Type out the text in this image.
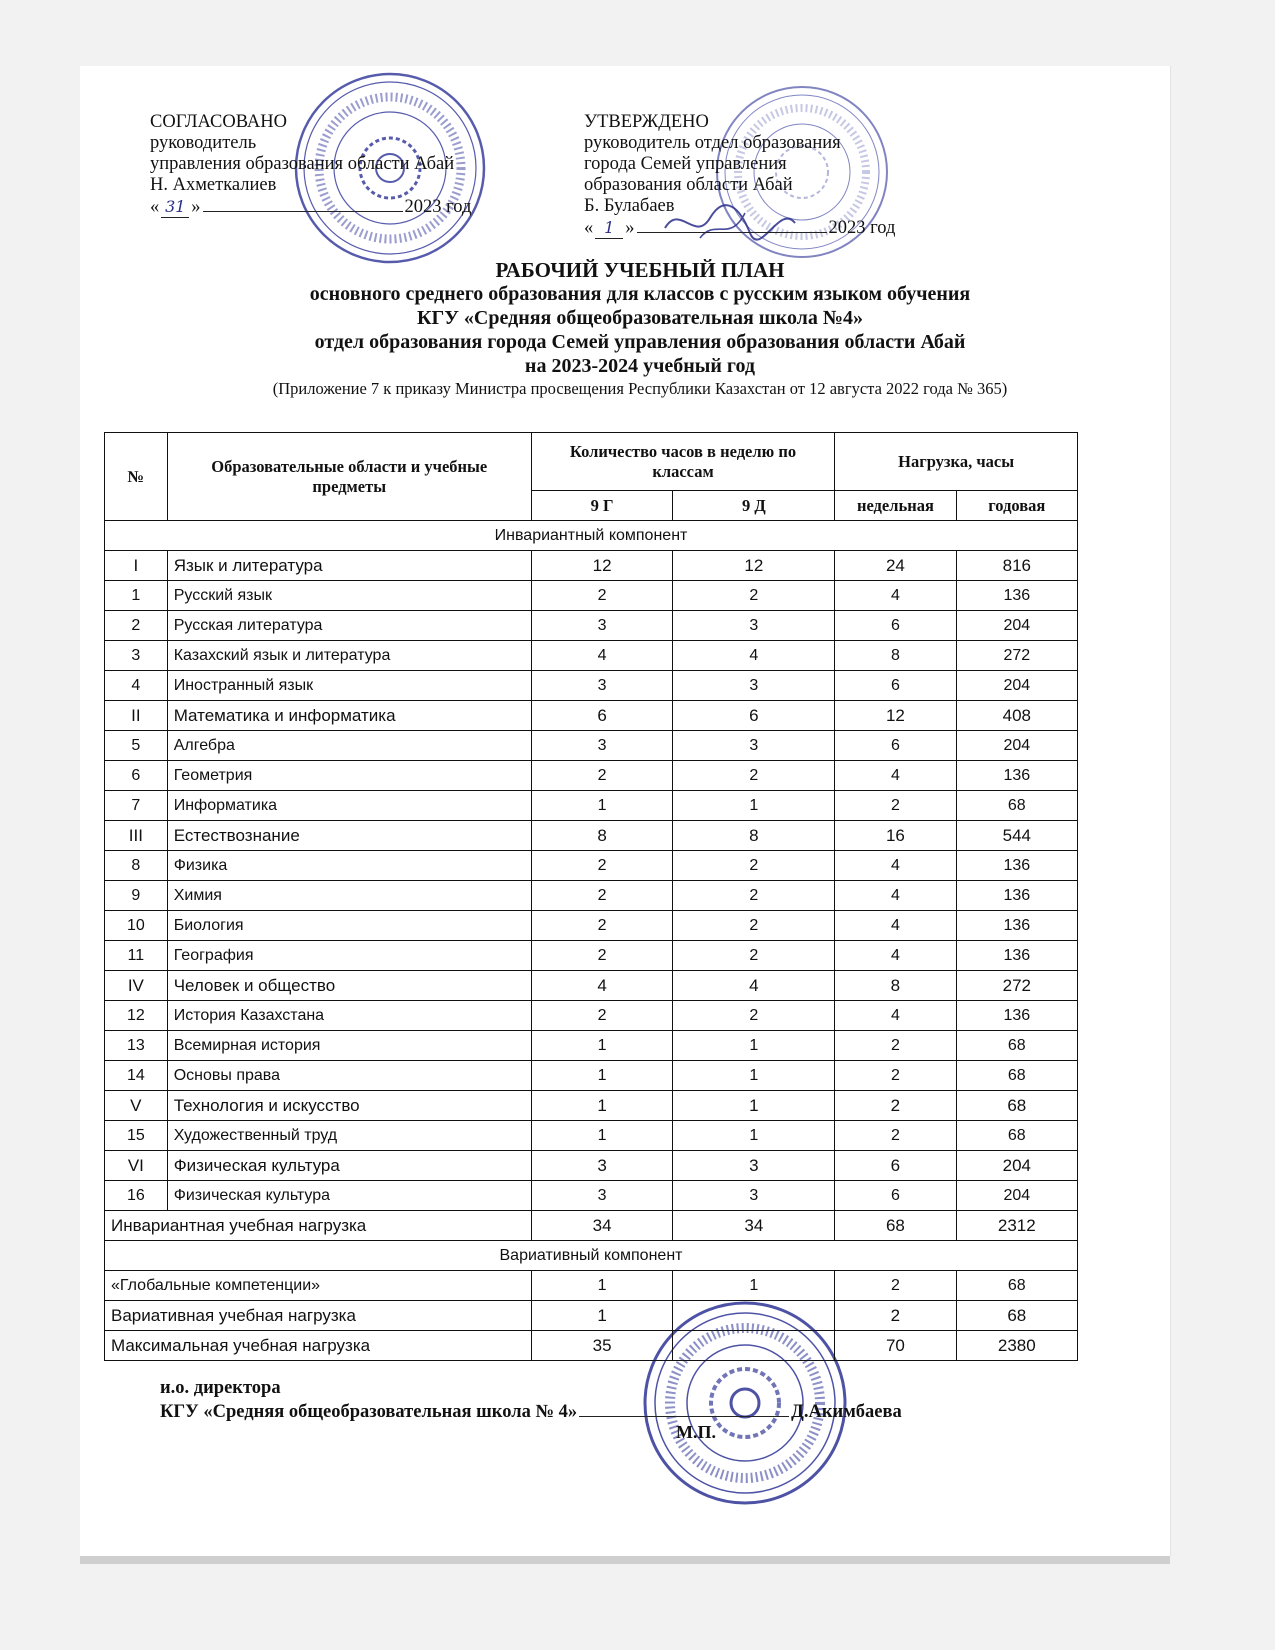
СОГЛАСОВАНО
руководитель
управления образования области Абай
Н. Ахметкалиев
« 31 »	2023 год
УТВЕРЖДЕНО
руководитель отдел образования
города Семей управления
образования области Абай
Б. Булабаев
« 1 »	2023 год
РАБОЧИЙ УЧЕБНЫЙ ПЛАН
основного среднего образования для классов с русским языком обучения
КГУ «Средняя общеобразовательная школа №4»
отдел образования города Семей управления образования области Абай
на 2023-2024 учебный год
(Приложение 7 к приказу Министра просвещения Республики Казахстан от 12 августа 2022 года № 365)
№	Образовательные области и учебные предметы	Количество часов в неделю по классам		Нагрузка, часы	
		9 Г	9 Д	недельная	годовая
Инвариантный компонент					
I	Язык и литература	12	12	24	816
1	Русский язык	2	2	4	136
2	Русская литература	3	3	6	204
3	Казахский язык и литература	4	4	8	272
4	Иностранный язык	3	3	6	204
II	Математика и информатика	6	6	12	408
5	Алгебра	3	3	6	204
6	Геометрия	2	2	4	136
7	Информатика	1	1	2	68
III	Естествознание	8	8	16	544
8	Физика	2	2	4	136
9	Химия	2	2	4	136
10	Биология	2	2	4	136
11	География	2	2	4	136
IV	Человек и общество	4	4	8	272
12	История Казахстана	2	2	4	136
13	Всемирная история	1	1	2	68
14	Основы права	1	1	2	68
V	Технология и искусство	1	1	2	68
15	Художественный труд	1	1	2	68
VI	Физическая культура	3	3	6	204
16	Физическая культура	3	3	6	204
Инвариантная учебная нагрузка		34	34	68	2312
Вариативный компонент					
«Глобальные компетенции»		1	1	2	68
Вариативная учебная нагрузка		1		2	68
Максимальная учебная нагрузка		35		70	2380
и.о. директора
КГУ «Средняя общеобразовательная школа № 4»	Д.Акимбаева
М.П.
